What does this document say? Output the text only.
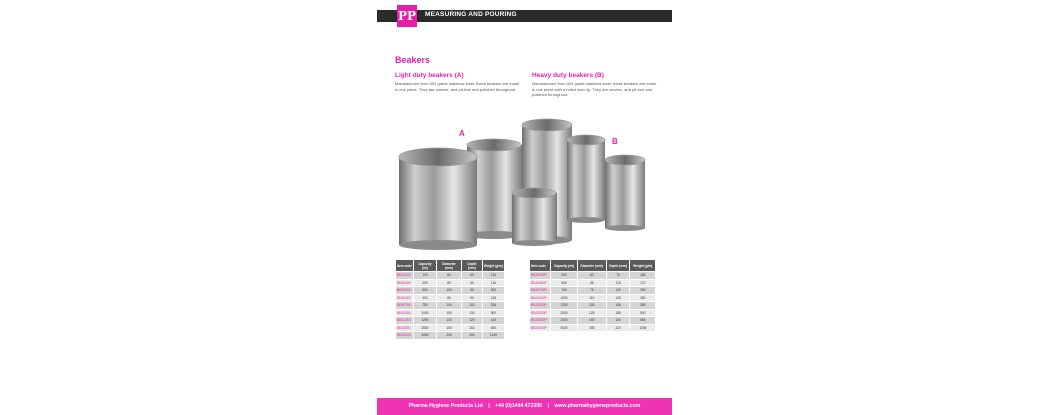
PP MEASURING AND POURING
Beakers
Light duty beakers (A)

Manufactured from 304 grade stainless steel, these beakers are made in one piece. They are crevice- and pit-free and polished throughout.

Heavy duty beakers (B)

Manufactured from 304 grade stainless steel, these beakers are made in one piece with a rolled over lip. They are crevice- and pit-free and polished throughout.

A
B
Item code	Capacity (ml)	Diameter (mm)	Depth (mm)	Weight (g/m)
BEA0100	100	60	60	115
BEA0200	200	80	50	115
BEA0300	300	100	50	260
BEA0400	400	80	90	218
BEA0750	750	100	100	325
BEA1000	1000	100	130	300
BEA1250	1250	120	120	415
BEA2500	2500	150	150	650
BEA3000	3000	200	200	1215
Item code	Capacity (ml)	Diameter (mm)	Depth (mm)	Weight (g/m)
BEA0200P	200	60	70	185
BEA0400P	500	85	115	170
BEA0750P	750	75	140	290
BEA1000P	1000	110	125	300
BEA1250P	1250	105	145	395
BEA2000P	2000	125	185	500
BEA2500P	2500	150	160	565
BEA3000P	3000	185	220	1005
Pharma Hygiene Products Ltd | +44 (0)1444 472300 | www.pharmahygieneproducts.com
